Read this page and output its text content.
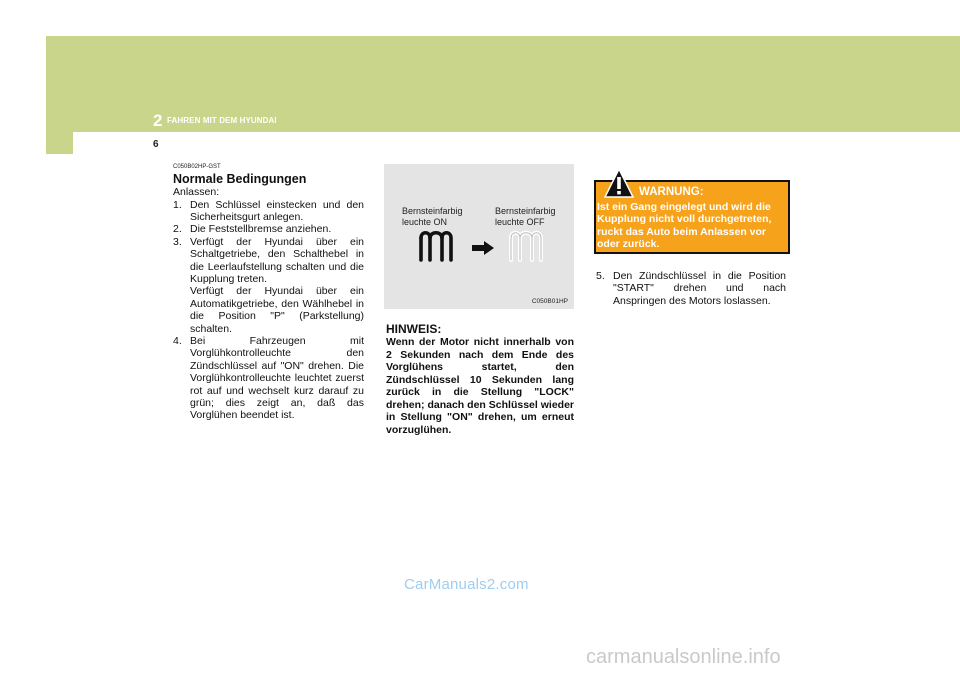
2 FAHREN MIT DEM HYUNDAI
6
C050B02HP-GST
Normale Bedingungen
Anlassen:
1. Den Schlüssel einstecken und den Sicherheitsgurt anlegen.

2. Die Feststellbremse anziehen.

3. Verfügt der Hyundai über ein Schaltgetriebe, den Schalthebel in die Leerlaufstellung schalten und die Kupplung treten.

Verfügt der Hyundai über ein Automatikgetriebe, den Wählhebel in die Position "P" (Parkstellung) schalten.

4. Bei Fahrzeugen mit Vorglühkontrolleuchte den Zündschlüssel auf "ON" drehen. Die Vorglühkontrolleuchte leuchtet zuerst rot auf und wechselt kurz darauf zu grün; dies zeigt an, daß das Vorglühen beendet ist.

Bernsteinfarbig
leuchte ON
Bernsteinfarbig
leuchte OFF
C050B01HP
HINWEIS:
Wenn der Motor nicht innerhalb von 2 Sekunden nach dem Ende des Vorglühens startet, den Zündschlüssel 10 Sekunden lang zurück in die Stellung "LOCK" drehen; danach den Schlüssel wieder in Stellung "ON" drehen, um erneut vorzuglühen.
WARNUNG:
Ist ein Gang eingelegt und wird die Kupplung nicht voll durchgetreten, ruckt das Auto beim Anlassen vor oder zurück.
5. Den Zündschlüssel in die Position "START" drehen und nach Anspringen des Motors loslassen.
CarManuals2.com
carmanualsonline.info
